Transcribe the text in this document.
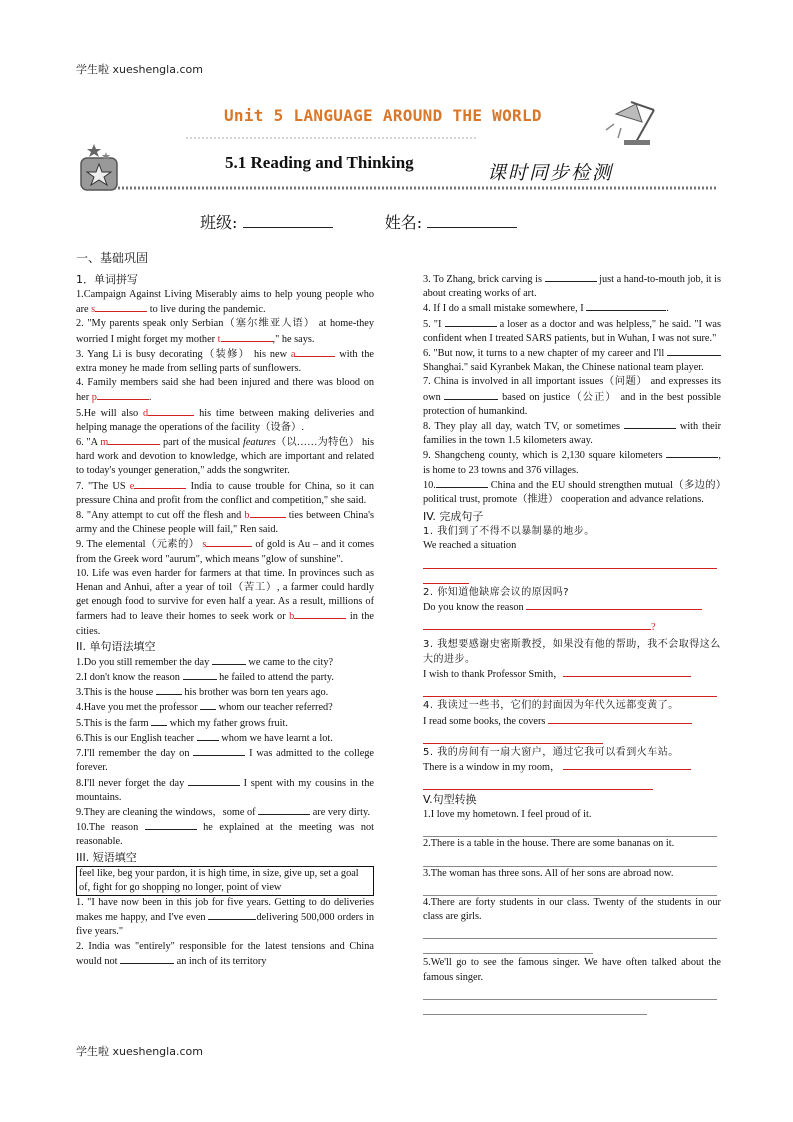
学生啦 xueshengla.com
学生啦 xueshengla.com
Unit 5 LANGUAGE AROUND THE WORLD
5.1 Reading and Thinking	课时同步检测
班级:	姓名:
一、基础巩固
1．单词拼写

1.Campaign Against Living Miserably aims to help young people who are s	to live during the pandemic.

2. "My parents speak only Serbian（塞尔维亚人语） at home-they worried I might forget my mother t	," he says.

3. Yang Li is busy decorating（装修） his new a	with the extra money he made from selling parts of sunflowers.

4. Family members said she had been injured and there was blood on her p	.

5.He will also d	his time between making deliveries and helping manage the operations of the facility（设备）.

6. "A m	part of the musical features（以……为特色） his hard work and devotion to knowledge, which are important and related to today's younger generation," adds the songwriter.

7. "The US e	India to cause trouble for China, so it can pressure China and profit from the conflict and competition," she said.

8. "Any attempt to cut off the flesh and b	ties between China's army and the Chinese people will fail," Ren said.

9. The elemental（元素的） s	of gold is Au – and it comes from the Greek word "aurum", which means "glow of sunshine".

10. Life was even harder for farmers at that time. In provinces such as Henan and Anhui, after a year of toil（苦工）, a farmer could hardly get enough food to survive for even half a year. As a result, millions of farmers had to leave their homes to seek work or b	in the cities.

II. 单句语法填空

1.Do you still remember the day	we came to the city?

2.I don't know the reason	he failed to attend the party.

3.This is the house	his brother was born ten years ago.

4.Have you met the professor  whom our teacher referred?

5.This is the farm  which my father grows fruit.

6.This is our English teacher  whom we have learnt a lot.

7.I'll remember the day on	I was admitted to the college forever.

8.I'll never forget the day	I spent with my cousins in the mountains.

9.They are cleaning the windows，some of	are very dirty.

10.The reason	he explained at the meeting was not reasonable.

III. 短语填空
feel like, beg your pardon, it is high time, in size, give up, set a goal of, fight for go shopping no longer, point of view

1. "I have now been in this job for five years. Getting to do deliveries makes me happy, and I've even	delivering 500,000 orders in five years."

2. India was "entirely" responsible for the latest tensions and China would not	an inch of its territory

3. To Zhang, brick carving is	just a hand-to-mouth job, it is about creating works of art.

4. If I do a small mistake somewhere, I	.

5. "I	a loser as a doctor and was helpless," he said. "I was confident when I treated SARS patients, but in Wuhan, I was not sure."

6. "But now, it turns to a new chapter of my career and I'll  Shanghai." said Kyranbek Makan, the Chinese national team player.

7. China is involved in all important issues（问题） and expresses its own	based on justice（公正） and in the best possible protection of humankind.

8. They play all day, watch TV, or sometimes	with their families in the town 1.5 kilometers away.

9. Shangcheng county, which is 2,130 square kilometers	, is home to 23 towns and 376 villages.

10.	China and the EU should strengthen mutual（多边的）political trust, promote（推进） cooperation and advance relations.

IV. 完成句子
1. 我们到了不得不以暴制暴的地步。
We reached a situation
2. 你知道他缺席会议的原因吗?
Do you know the reason
?
3. 我想要感谢史密斯教授，如果没有他的帮助，我不会取得这么大的进步。
I wish to thank Professor Smith，
4. 我读过一些书，它们的封面因为年代久远都变黄了。
I read some books, the covers
5. 我的房间有一扇大窗户，通过它我可以看到火车站。
There is a window in my room，
V.句型转换
1.I love my hometown. I feel proud of it.
2.There is a table in the house. There are some bananas on it.
3.The woman has three sons. All of her sons are abroad now.

4.There are forty students in our class. Twenty of the students in our class are girls.

5.We'll go to see the famous singer. We have often talked about the famous singer.
